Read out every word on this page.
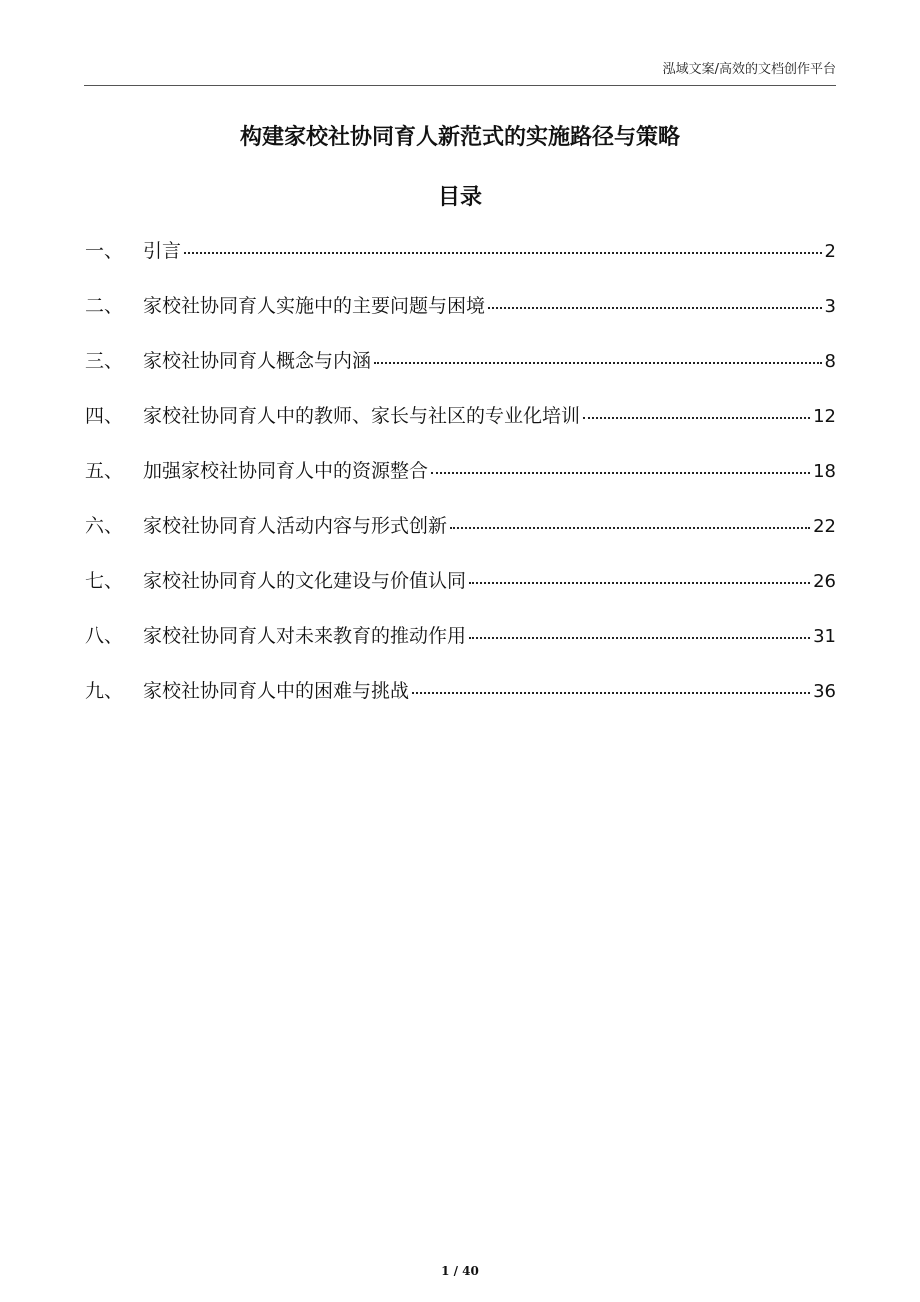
泓域文案/高效的文档创作平台
构建家校社协同育人新范式的实施路径与策略
目录
一、	引言	2
二、	家校社协同育人实施中的主要问题与困境	3
三、	家校社协同育人概念与内涵	8
四、	家校社协同育人中的教师、家长与社区的专业化培训	12
五、	加强家校社协同育人中的资源整合	18
六、	家校社协同育人活动内容与形式创新	22
七、	家校社协同育人的文化建设与价值认同	26
八、	家校社协同育人对未来教育的推动作用	31
九、	家校社协同育人中的困难与挑战	36
1 / 40
